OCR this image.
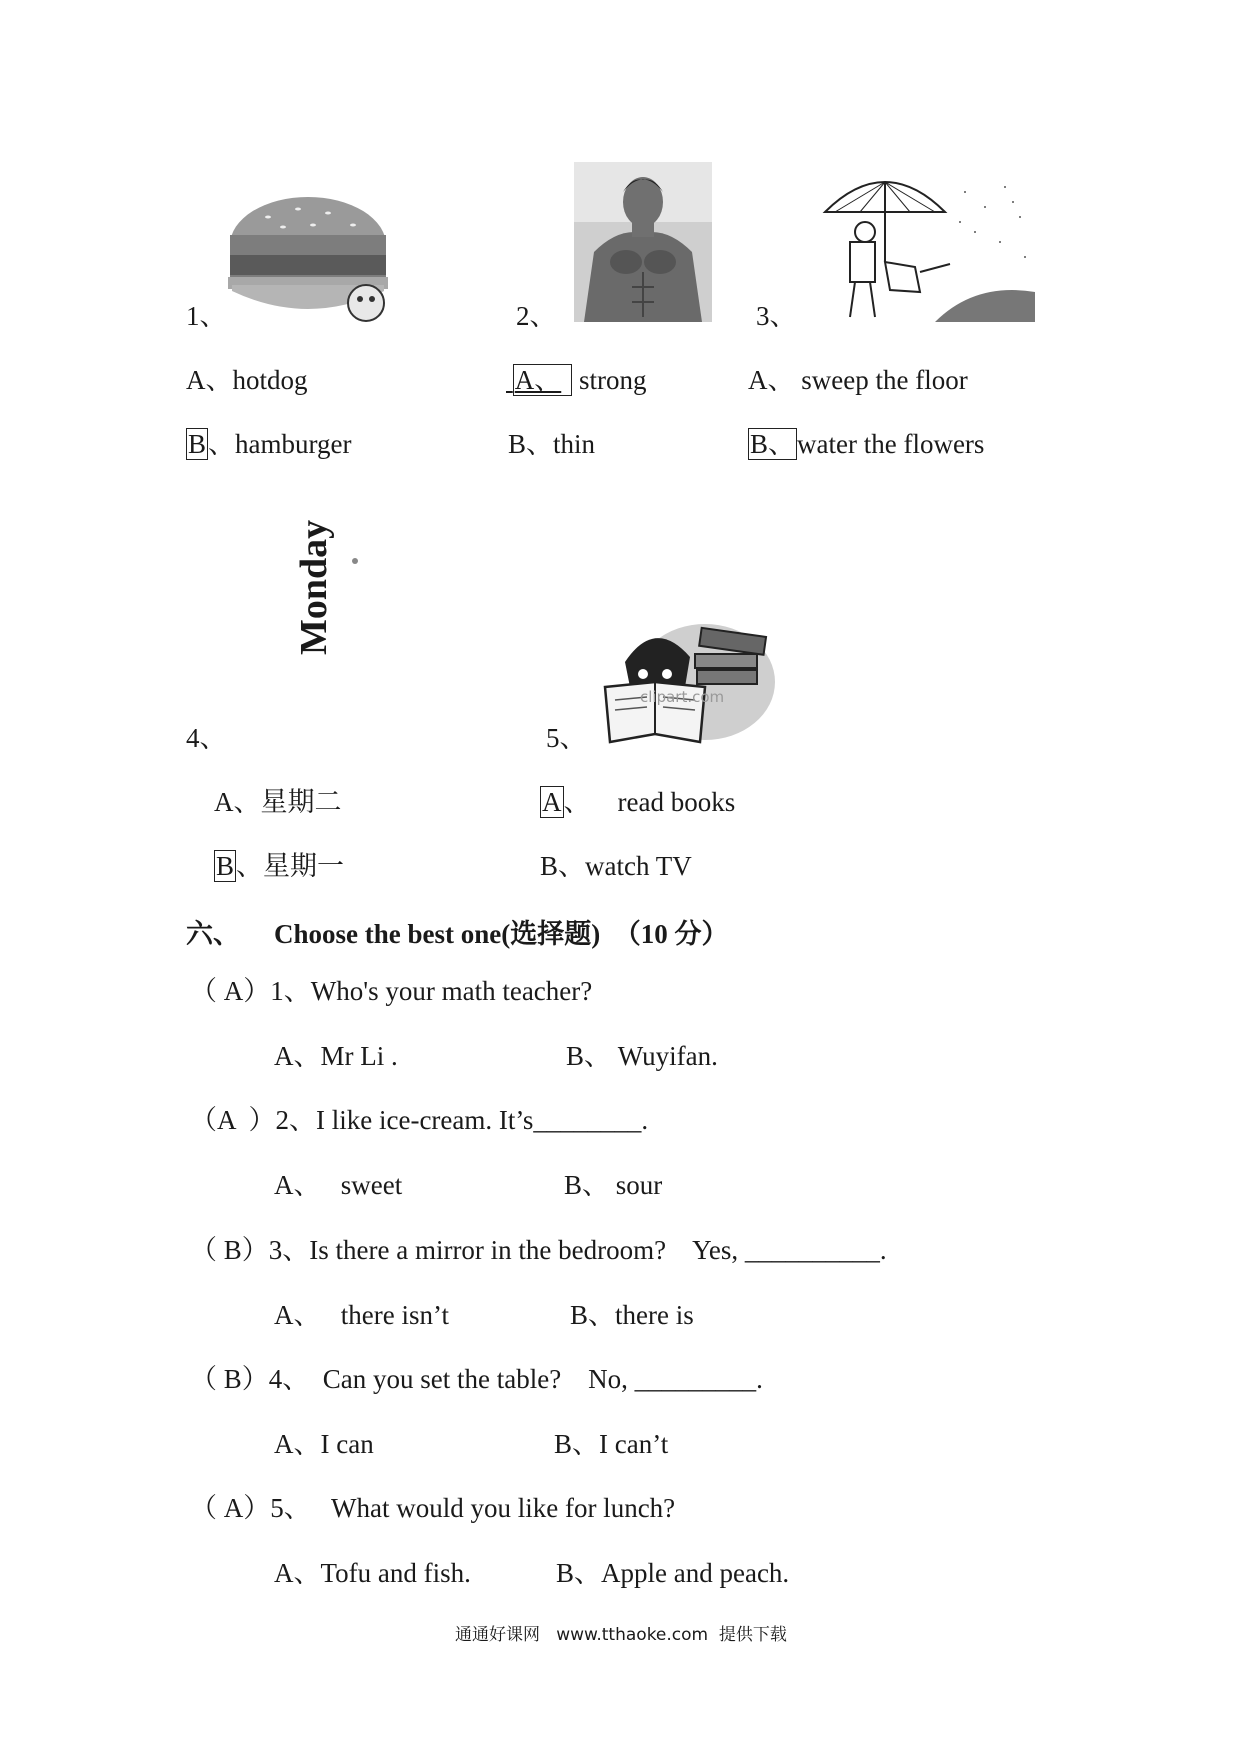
1、
A、hotdog
B、hamburger
2、
A、 strong
B、thin
3、
A、 sweep the floor
B、water the flowers
Monday
4、
A、星期二
B、星期一
clipart.com
5、
A、    read books
B、watch TV
六、 Choose the best one(选择题)  （10 分）
（ A）1、Who's your math teacher?
A、Mr Li .	B、 Wuyifan.
（A  ）2、I like ice-cream. It’s________.
A、   sweet	B、 sour
（ B）3、Is there a mirror in the bedroom?    Yes, __________.
A、   there isn’t	B、there is
（ B）4、  Can you set the table?    No, _________.
A、I can	B、I can’t
（ A）5、   What would you like for lunch?
A、Tofu and fish.	B、Apple and peach.
通通好课网   www.tthaoke.com  提供下载
